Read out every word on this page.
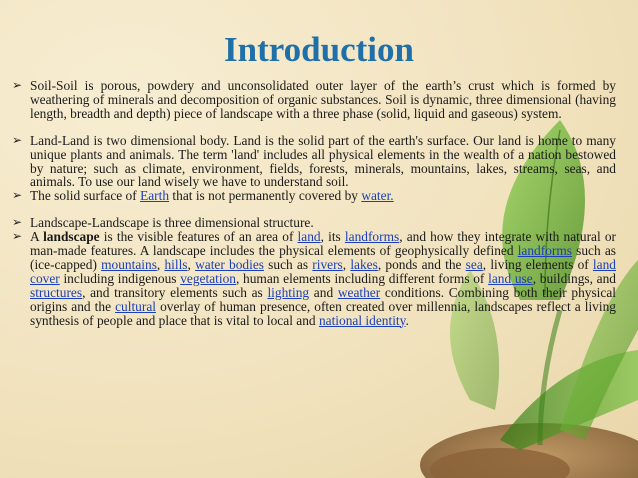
Introduction
➢ Soil-Soil is porous, powdery and unconsolidated outer layer of the earth’s crust which is formed by weathering of minerals and decomposition of organic substances. Soil is dynamic, three dimensional (having length, breadth and depth) piece of landscape with a three phase (solid, liquid and gaseous) system.
➢ Land-Land is two dimensional body. Land is the solid part of the earth's surface. Our land is home to many unique plants and animals. The term 'land' includes all physical elements in the wealth of a nation bestowed by nature; such as climate, environment, fields, forests, minerals, mountains, lakes, streams, seas, and animals. To use our land wisely we have to understand soil.
➢ The solid surface of Earth that is not permanently covered by water.
➢ Landscape-Landscape is three dimensional structure.
➢ A landscape is the visible features of an area of land, its landforms, and how they integrate with natural or man-made features. A landscape includes the physical elements of geophysically defined landforms such as (ice-capped) mountains, hills, water bodies such as rivers, lakes, ponds and the sea, living elements of land cover including indigenous vegetation, human elements including different forms of land use, buildings, and structures, and transitory elements such as lighting and weather conditions. Combining both their physical origins and the cultural overlay of human presence, often created over millennia, landscapes reflect a living synthesis of people and place that is vital to local and national identity.
